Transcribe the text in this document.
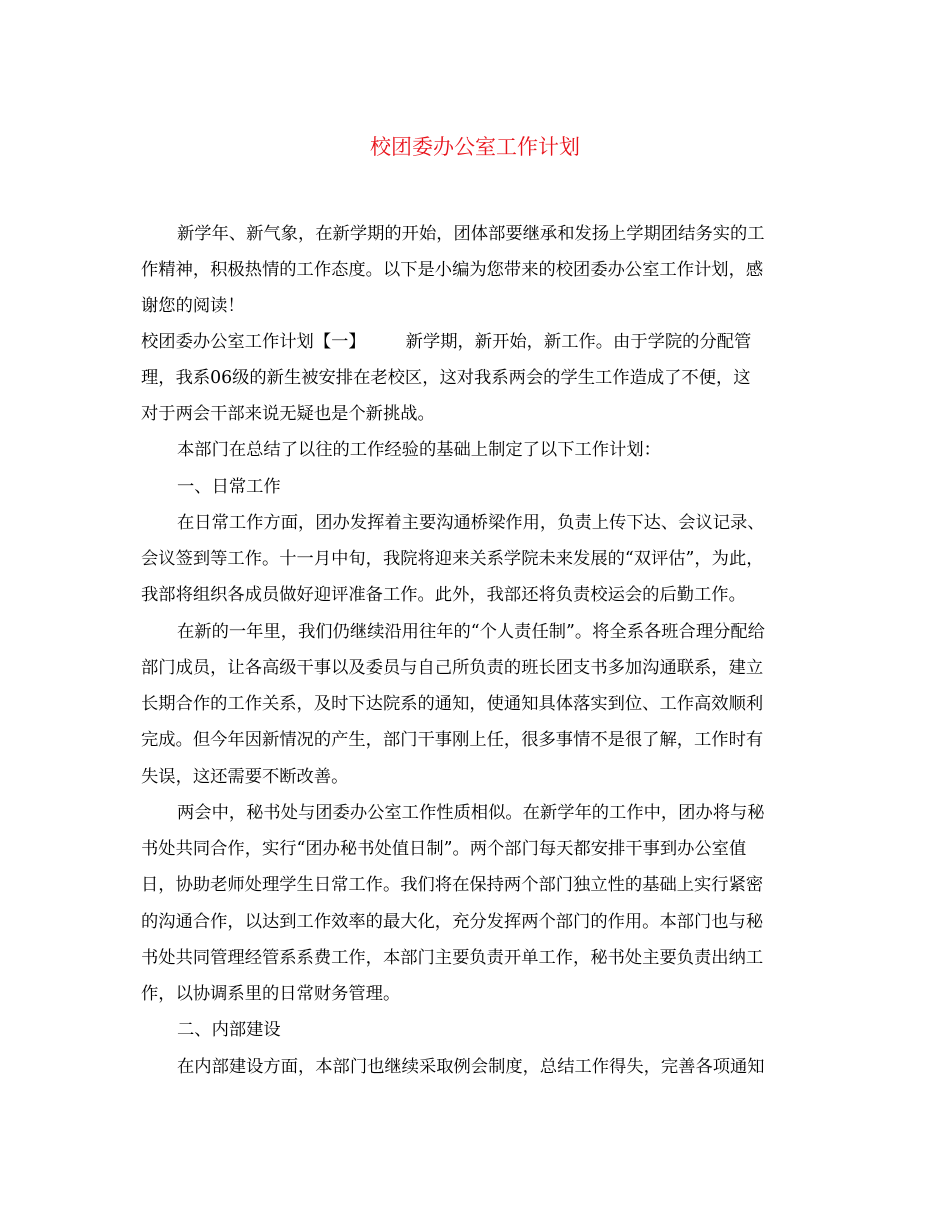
校团委办公室工作计划

新学年、新气象，在新学期的开始，团体部要继承和发扬上学期团结务实的工

作精神，积极热情的工作态度。以下是小编为您带来的校团委办公室工作计划，感

谢您的阅读！

校团委办公室工作计划【一】 新学期，新开始，新工作。由于学院的分配管

理，我系06级的新生被安排在老校区，这对我系两会的学生工作造成了不便，这

对于两会干部来说无疑也是个新挑战。

本部门在总结了以往的工作经验的基础上制定了以下工作计划：

一、日常工作

在日常工作方面，团办发挥着主要沟通桥梁作用，负责上传下达、会议记录、

会议签到等工作。十一月中旬，我院将迎来关系学院未来发展的“双评估”，为此，

我部将组织各成员做好迎评准备工作。此外，我部还将负责校运会的后勤工作。

在新的一年里，我们仍继续沿用往年的“个人责任制”。将全系各班合理分配给

部门成员，让各高级干事以及委员与自己所负责的班长团支书多加沟通联系，建立

长期合作的工作关系，及时下达院系的通知，使通知具体落实到位、工作高效顺利

完成。但今年因新情况的产生，部门干事刚上任，很多事情不是很了解，工作时有

失误，这还需要不断改善。

两会中，秘书处与团委办公室工作性质相似。在新学年的工作中，团办将与秘

书处共同合作，实行“团办秘书处值日制”。两个部门每天都安排干事到办公室值

日，协助老师处理学生日常工作。我们将在保持两个部门独立性的基础上实行紧密

的沟通合作，以达到工作效率的最大化，充分发挥两个部门的作用。本部门也与秘

书处共同管理经管系系费工作，本部门主要负责开单工作，秘书处主要负责出纳工

作，以协调系里的日常财务管理。

二、内部建设

在内部建设方面，本部门也继续采取例会制度，总结工作得失，完善各项通知
